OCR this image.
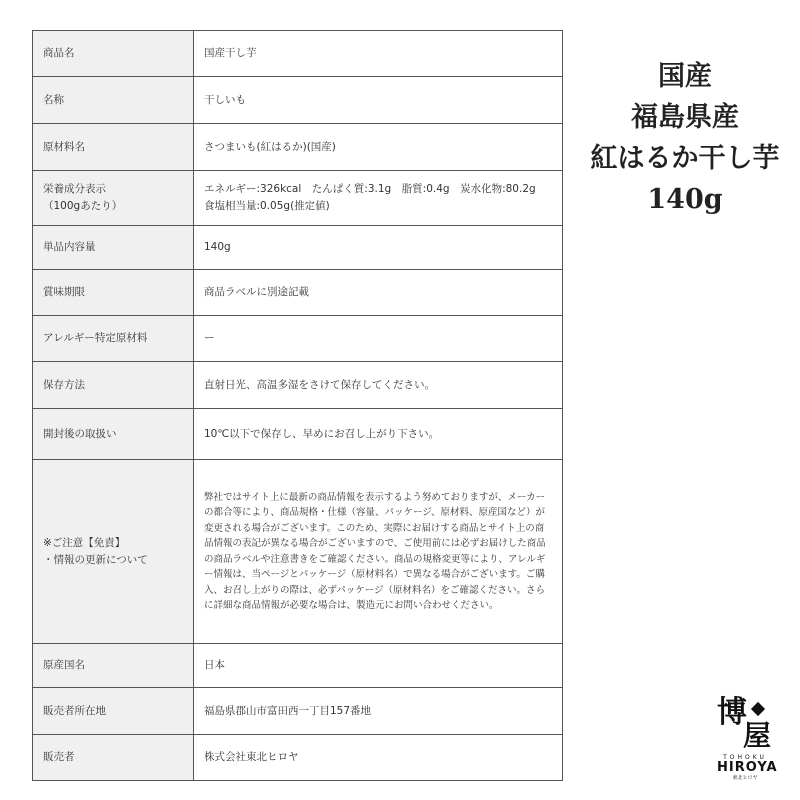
商品名	国産干し芋
名称	干しいも
原材料名	さつまいも(紅はるか)(国産)
栄養成分表示
（100gあたり）	エネルギー:326kcal　たんぱく質:3.1g　脂質:0.4g　炭水化物:80.2g　食塩相当量:0.05g(推定値)
単品内容量	140g
賞味期限	商品ラベルに別途記載
アレルギー特定原材料	ー
保存方法	直射日光、高温多湿をさけて保存してください。
開封後の取扱い	10℃以下で保存し、早めにお召し上がり下さい。
※ご注意【免責】
・情報の更新について	弊社ではサイト上に最新の商品情報を表示するよう努めておりますが、メーカーの都合等により、商品規格・仕様（容量、パッケージ、原材料、原産国など）が変更される場合がございます。このため、実際にお届けする商品とサイト上の商品情報の表記が異なる場合がございますので、ご使用前には必ずお届けした商品の商品ラベルや注意書きをご確認ください。商品の規格変更等により、アレルギー情報は、当ページとパッケージ（原材料名）で異なる場合がございます。ご購入、お召し上がりの際は、必ずパッケージ（原材料名）をご確認ください。さらに詳細な商品情報が必要な場合は、製造元にお問い合わせください。
原産国名	日本
販売者所在地	福島県郡山市富田西一丁目157番地
販売者	株式会社東北ヒロヤ
国産
福島県産
紅はるか干し芋
140g
博
屋
TOHOKU
HIROYA
東北ヒロヤ
